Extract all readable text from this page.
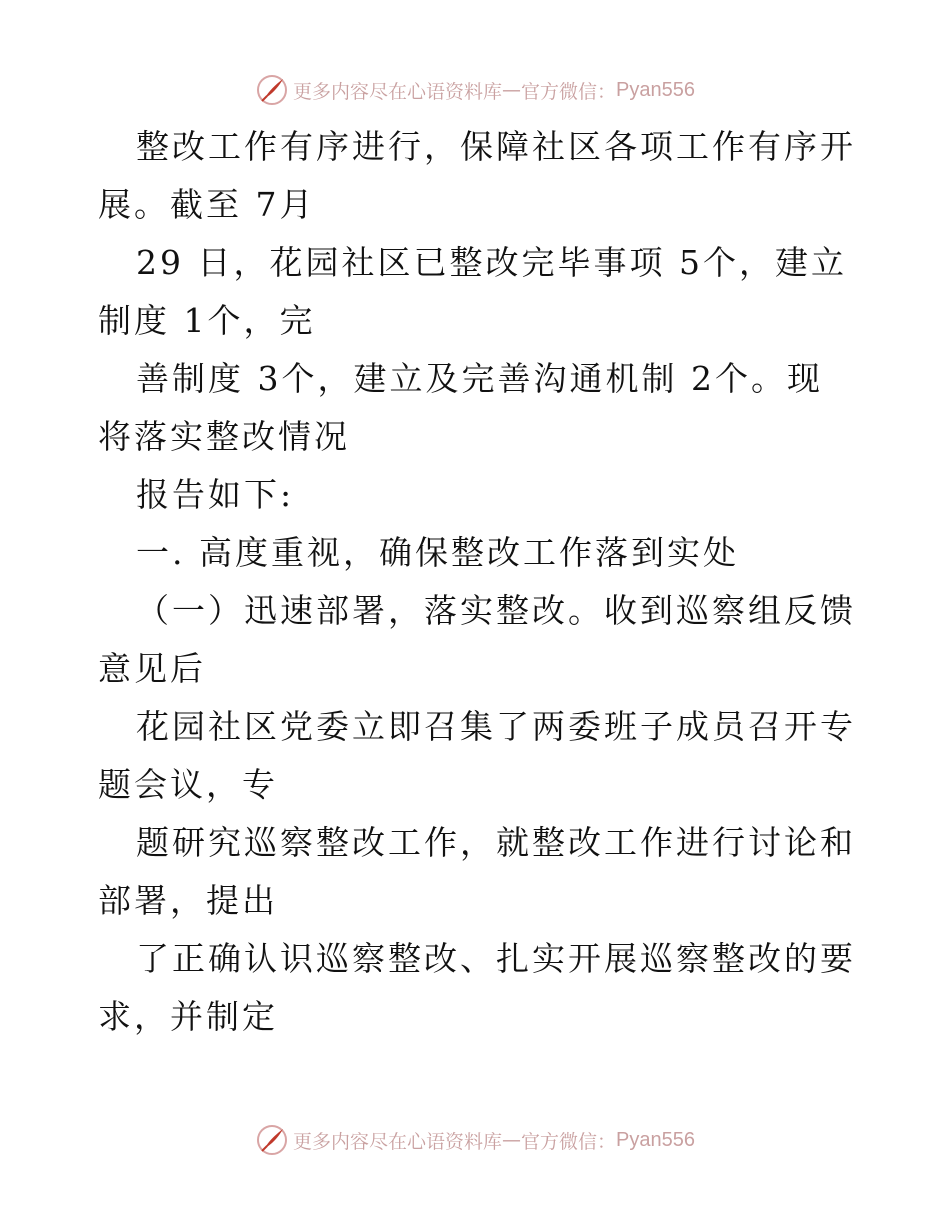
更多内容尽在心语资料库 — 官方微信： Pyan556

整改工作有序进行，保障社区各项工作有序开展。截至 7月

29 日，花园社区已整改完毕事项 5个，建立制度 1个，完

善制度 3个，建立及完善沟通机制 2个。现将落实整改情况

报告如下:

一. 高度重视，确保整改工作落到实处

（一）迅速部署，落实整改。收到巡察组反馈意见后

花园社区党委立即召集了两委班子成员召开专题会议，专

题研究巡察整改工作，就整改工作进行讨论和部署，提出

了正确认识巡察整改、扎实开展巡察整改的要求，并制定

更多内容尽在心语资料库 — 官方微信： Pyan556
